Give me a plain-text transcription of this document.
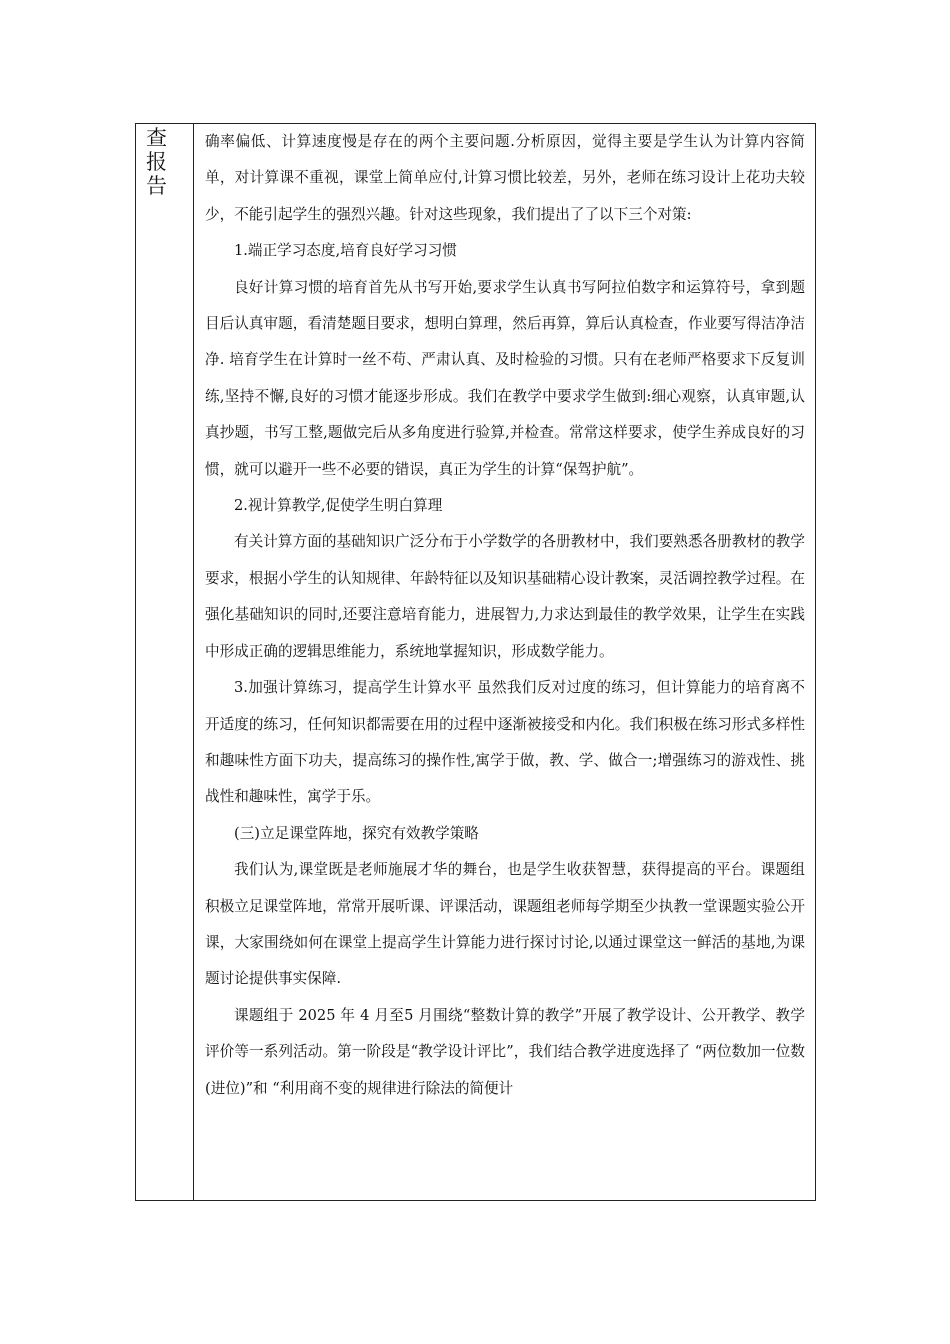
查报告

确率偏低、计算速度慢是存在的两个主要问题.分析原因，觉得主要是学生认为计算内容简单，对计算课不重视，课堂上简单应付,计算习惯比较差，另外，老师在练习设计上花功夫较少，不能引起学生的强烈兴趣。针对这些现象，我们提出了了以下三个对策:

1.端正学习态度,培育良好学习习惯

良好计算习惯的培育首先从书写开始,要求学生认真书写阿拉伯数字和运算符号，拿到题目后认真审题，看清楚题目要求，想明白算理，然后再算，算后认真检查，作业要写得洁净洁净. 培育学生在计算时一丝不苟、严肃认真、及时检验的习惯。只有在老师严格要求下反复训练,坚持不懈,良好的习惯才能逐步形成。我们在教学中要求学生做到:细心观察，认真审题,认真抄题，书写工整,题做完后从多角度进行验算,并检查。常常这样要求，使学生养成良好的习惯，就可以避开一些不必要的错误，真正为学生的计算“保驾护航”。

2.视计算教学,促使学生明白算理

有关计算方面的基础知识广泛分布于小学数学的各册教材中，我们要熟悉各册教材的教学要求，根据小学生的认知规律、年龄特征以及知识基础精心设计教案，灵活调控教学过程。在强化基础知识的同时,还要注意培育能力，进展智力,力求达到最佳的教学效果，让学生在实践中形成正确的逻辑思维能力，系统地掌握知识，形成数学能力。

3.加强计算练习，提高学生计算水平 虽然我们反对过度的练习，但计算能力的培育离不开适度的练习，任何知识都需要在用的过程中逐渐被接受和内化。我们积极在练习形式多样性和趣味性方面下功夫，提高练习的操作性,寓学于做，教、学、做合一;增强练习的游戏性、挑战性和趣味性，寓学于乐。

(三)立足课堂阵地，探究有效教学策略

我们认为,课堂既是老师施展才华的舞台，也是学生收获智慧，获得提高的平台。课题组积极立足课堂阵地，常常开展听课、评课活动，课题组老师每学期至少执教一堂课题实验公开课，大家围绕如何在课堂上提高学生计算能力进行探讨讨论,以通过课堂这一鲜活的基地,为课题讨论提供事实保障.

课题组于 2025 年 4 月至5 月围绕“整数计算的教学”开展了教学设计、公开教学、教学评价等一系列活动。第一阶段是“教学设计评比”，我们结合教学进度选择了 “两位数加一位数(进位)”和 “利用商不变的规律进行除法的简便计
